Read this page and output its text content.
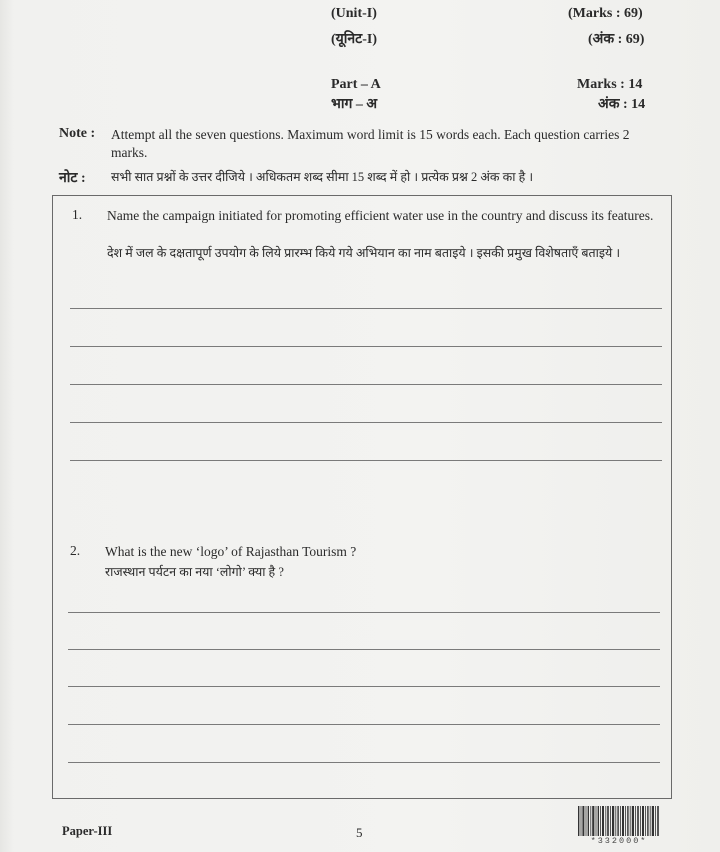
(Unit-I)	(Marks : 69)
(यूनिट-I)	(अंक : 69)
Part – A	Marks : 14
भाग – अ	अंक : 14
Note : Attempt all the seven questions. Maximum word limit is 15 words each. Each question carries 2 marks.
नोट : सभी सात प्रश्नों के उत्तर दीजिये । अधिकतम शब्द सीमा 15 शब्द में हो । प्रत्येक प्रश्न 2 अंक का है ।
1. Name the campaign initiated for promoting efficient water use in the country and discuss its features.
देश में जल के दक्षतापूर्ण उपयोग के लिये प्रारम्भ किये गये अभियान का नाम बताइये । इसकी प्रमुख विशेषताएँ बताइये ।
2. What is the new ‘logo’ of Rajasthan Tourism ?
राजस्थान पर्यटन का नया ‘लोगो’ क्या है ?
Paper-III	5
*332000*
